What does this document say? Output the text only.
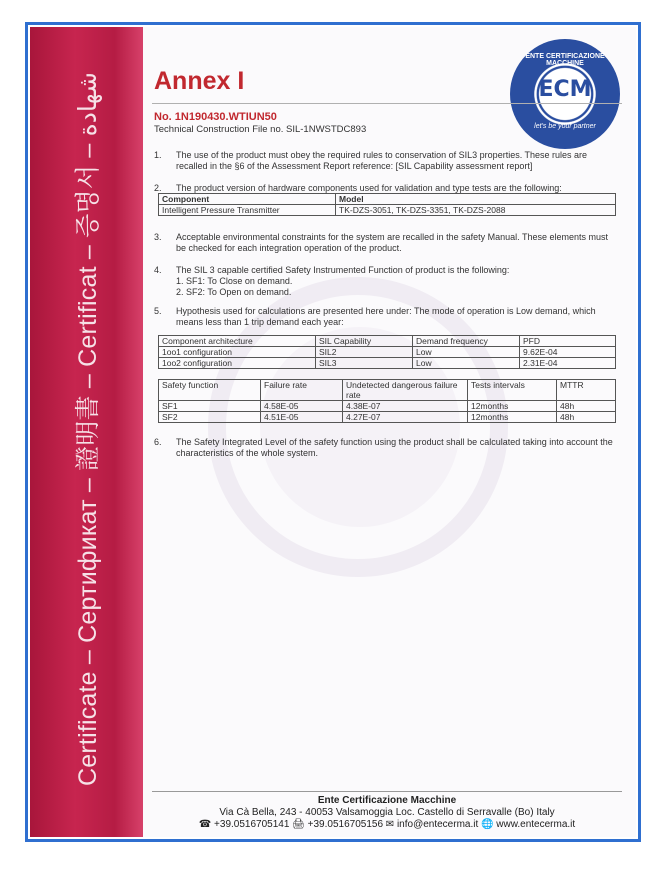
Certificate – Сертификат – 證明書 – Certificat – 증명서 – شهادة
ENTE CERTIFICAZIONE MACCHINE
ECM
let's be your partner
Annex I
No. 1N190430.WTIUN50
Technical Construction File no. SIL-1NWSTDC893
1. The use of the product must obey the required rules to conservation of SIL3 properties. These rules are recalled in the §6 of the Assessment Report reference: [SIL Capability assessment report]
2. The product version of hardware components used for validation and type tests are the following:
Component	Model
Intelligent Pressure Transmitter	TK-DZS-3051, TK-DZS-3351, TK-DZS-2088
3. Acceptable environmental constraints for the system are recalled in the safety Manual. These elements must be checked for each integration operation of the product.
4. The SIL 3 capable certified Safety Instrumented Function of product is the following:
1. SF1: To Close on demand.
2. SF2: To Open on demand.
5. Hypothesis used for calculations are presented here under: The mode of operation is Low demand, which means less than 1 trip demand each year:
Component architecture	SIL Capability	Demand frequency	PFD
1oo1 configuration	SIL2	Low	9.62E-04
1oo2 configuration	SIL3	Low	2.31E-04
Safety function	Failure rate	Undetected dangerous failure rate	Tests intervals	MTTR
SF1	4.58E-05	4.38E-07	12months	48h
SF2	4.51E-05	4.27E-07	12months	48h
6. The Safety Integrated Level of the safety function using the product shall be calculated taking into account the characteristics of the whole system.
Ente Certificazione Macchine
Via Cà Bella, 243 - 40053 Valsamoggia Loc. Castello di Serravalle (Bo) Italy
☎ +39.0516705141 🖨 +39.0516705156 ✉ info@entecerma.it 🌐 www.entecerma.it
